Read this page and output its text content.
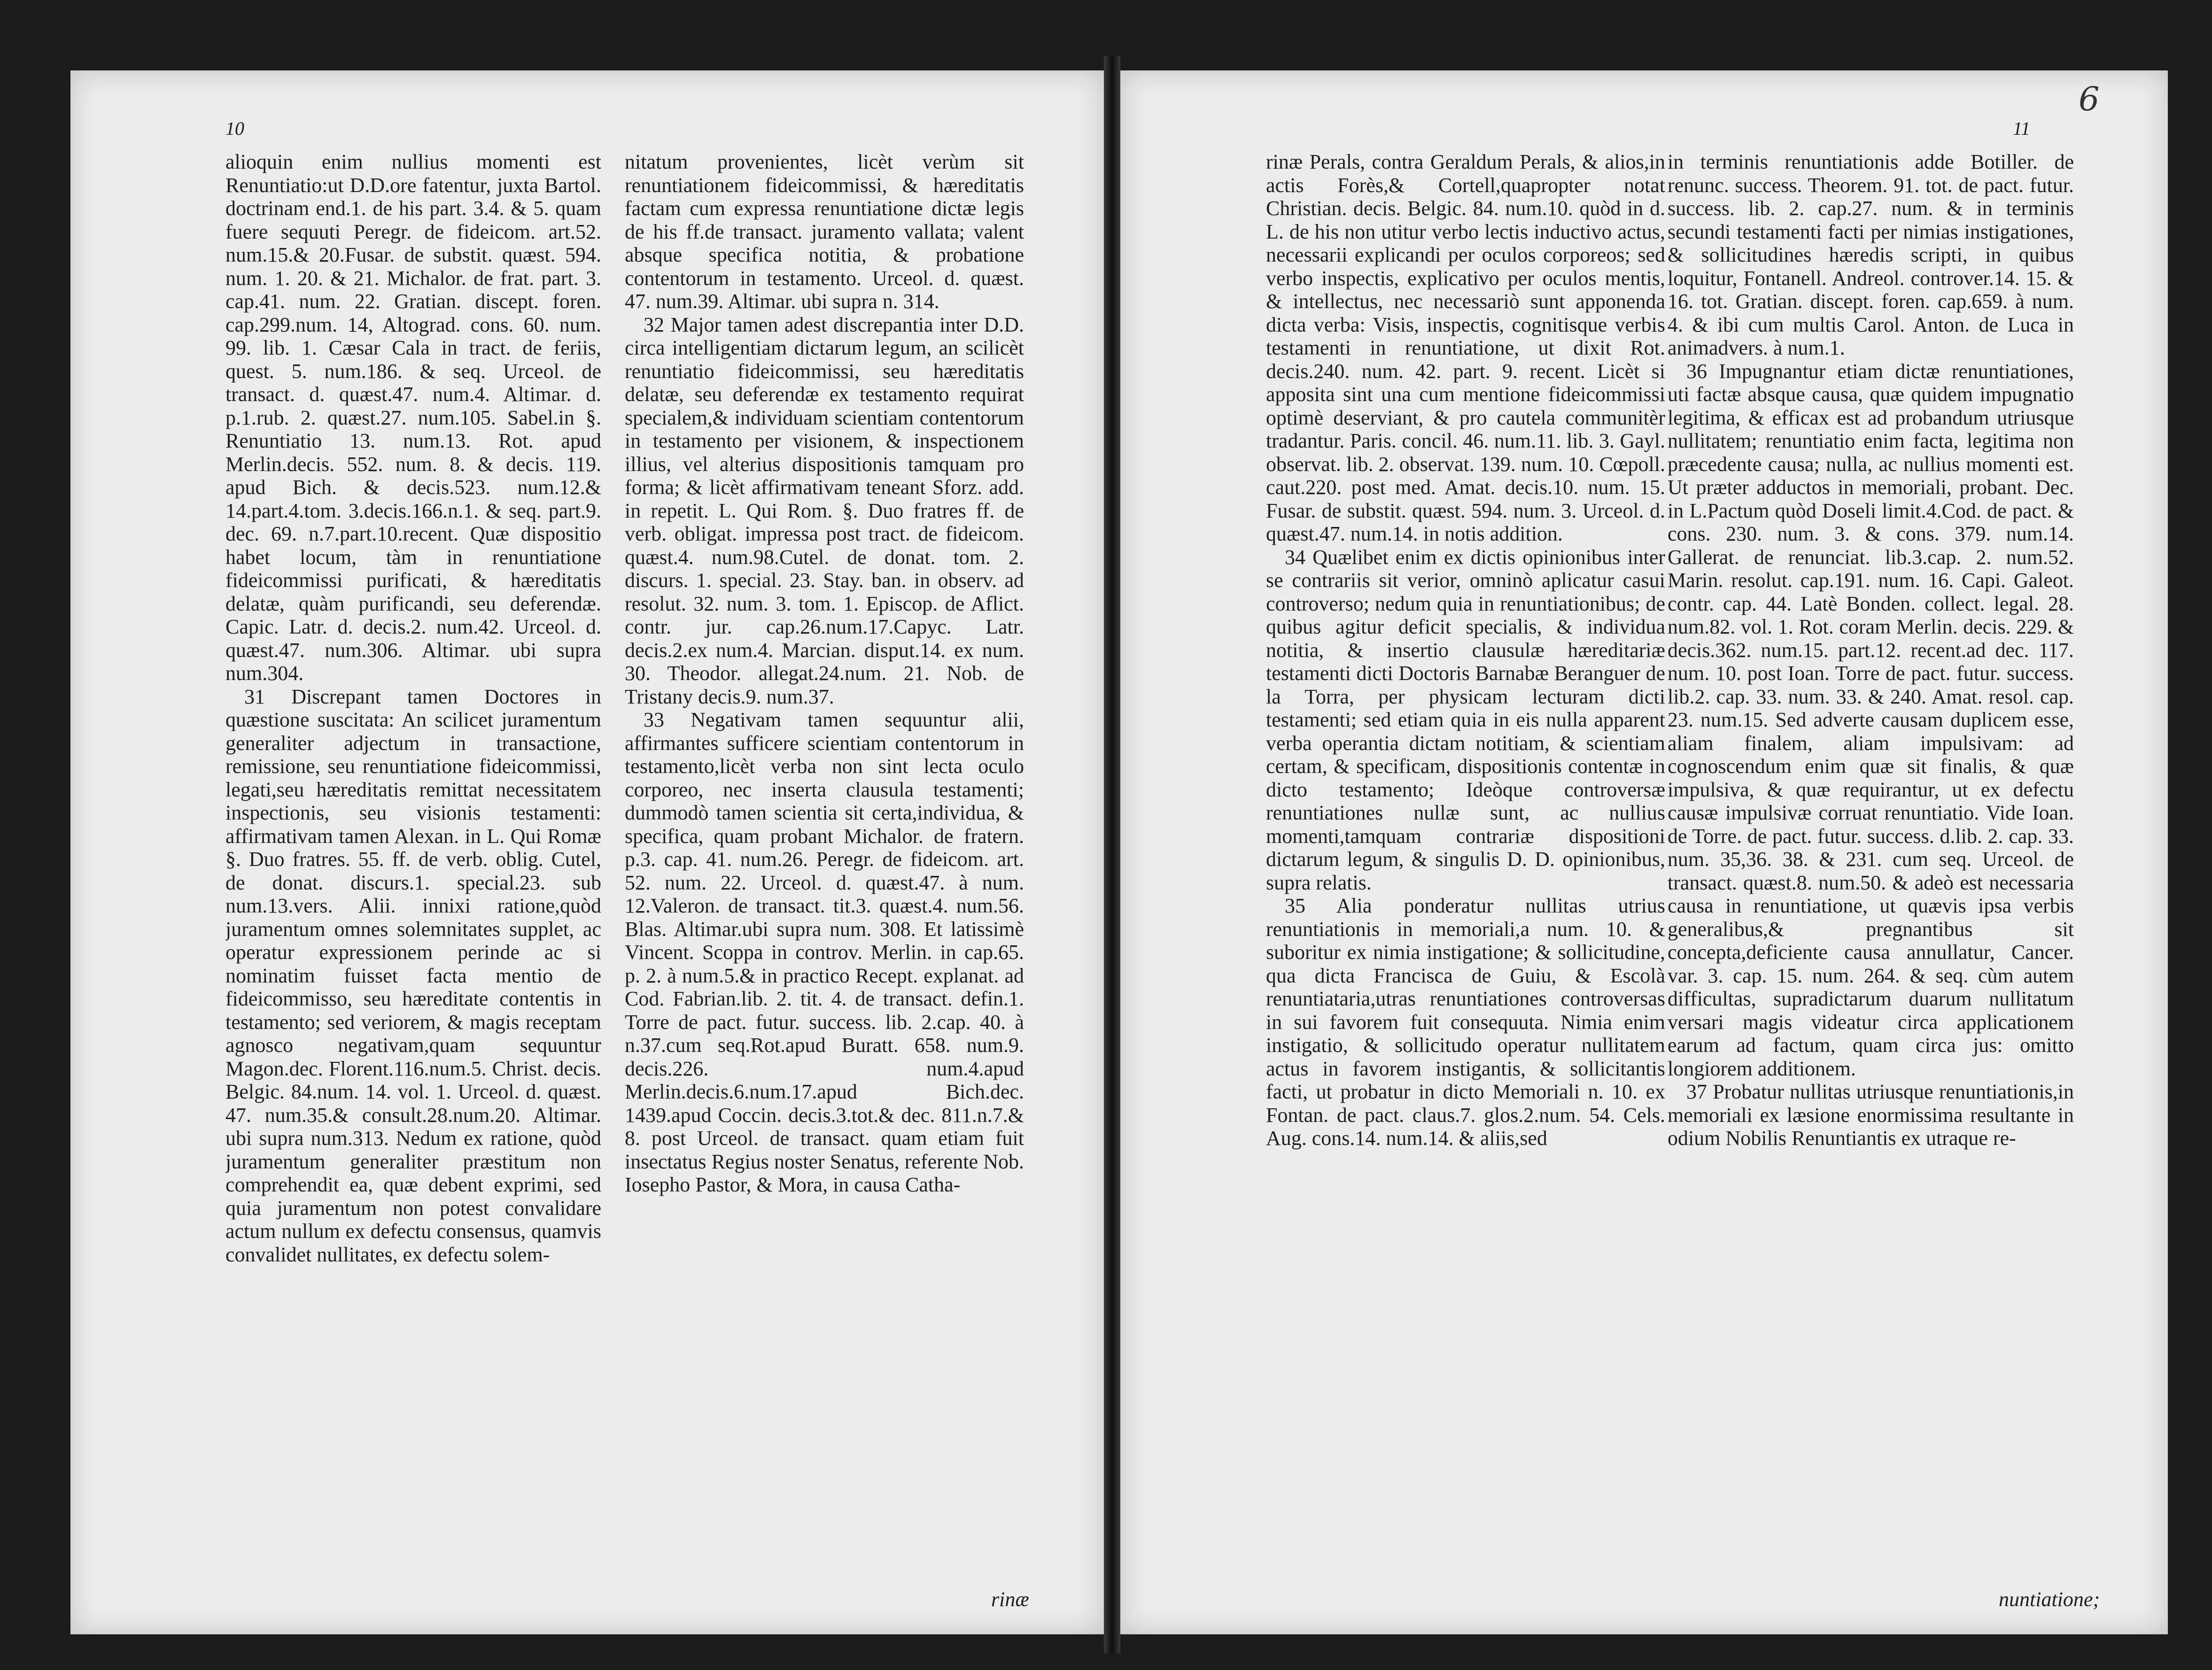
10

alioquin enim nullius momenti est Renuntiatio:ut D.D.ore fatentur, juxta Bartol. doctrinam end.1. de his part. 3.4. & 5. quam fuere sequuti Peregr. de fideicom. art.52. num.15.& 20.Fusar. de substit. quæst. 594. num. 1. 20. & 21. Michalor. de frat. part. 3. cap.41. num. 22. Gratian. discept. foren. cap.299.num. 14, Altograd. cons. 60. num. 99. lib. 1. Cæsar Cala in tract. de feriis, quest. 5. num.186. & seq. Urceol. de transact. d. quæst.47. num.4. Altimar. d. p.1.rub. 2. quæst.27. num.105. Sabel.in §. Renuntiatio 13. num.13. Rot. apud Merlin.decis. 552. num. 8. & decis. 119. apud Bich. & decis.523. num.12.& 14.part.4.tom. 3.decis.166.n.1. & seq. part.9. dec. 69. n.7.part.10.recent. Quæ dispositio habet locum, tàm in renuntiatione fideicommissi purificati, & hæreditatis delatæ, quàm purificandi, seu deferendæ. Capic. Latr. d. decis.2. num.42. Urceol. d. quæst.47. num.306. Altimar. ubi supra num.304.

31 Discrepant tamen Doctores in quæstione suscitata: An scilicet juramentum generaliter adjectum in transactione, remissione, seu renuntiatione fideicommissi, legati,seu hæreditatis remittat necessitatem inspectionis, seu visionis testamenti: affirmativam tamen Alexan. in L. Qui Romæ §. Duo fratres. 55. ff. de verb. oblig. Cutel, de donat. discurs.1. special.23. sub num.13.vers. Alii. innixi ratione,quòd juramentum omnes solemnitates supplet, ac operatur expressionem perinde ac si nominatim fuisset facta mentio de fideicommisso, seu hæreditate contentis in testamento; sed veriorem, & magis receptam agnosco negativam,quam sequuntur Magon.dec. Florent.116.num.5. Christ. decis. Belgic. 84.num. 14. vol. 1. Urceol. d. quæst. 47. num.35.& consult.28.num.20. Altimar. ubi supra num.313. Nedum ex ratione, quòd juramentum generaliter præstitum non comprehendit ea, quæ debent exprimi, sed quia juramentum non potest convalidare actum nullum ex defectu consensus, quamvis convalidet nullitates, ex defectu solem-

nitatum provenientes, licèt verùm sit renuntiationem fideicommissi, & hæreditatis factam cum expressa renuntiatione dictæ legis de his ff.de transact. juramento vallata; valent absque specifica notitia, & probatione contentorum in testamento. Urceol. d. quæst. 47. num.39. Altimar. ubi supra n. 314.

32 Major tamen adest discrepantia inter D.D. circa intelligentiam dictarum legum, an scilicèt renuntiatio fideicommissi, seu hæreditatis delatæ, seu deferendæ ex testamento requirat specialem,& individuam scientiam contentorum in testamento per visionem, & inspectionem illius, vel alterius dispositionis tamquam pro forma; & licèt affirmativam teneant Sforz. add. in repetit. L. Qui Rom. §. Duo fratres ff. de verb. obligat. impressa post tract. de fideicom. quæst.4. num.98.Cutel. de donat. tom. 2. discurs. 1. special. 23. Stay. ban. in observ. ad resolut. 32. num. 3. tom. 1. Episcop. de Aflict. contr. jur. cap.26.num.17.Capyc. Latr. decis.2.ex num.4. Marcian. disput.14. ex num. 30. Theodor. allegat.24.num. 21. Nob. de Tristany decis.9. num.37.

33 Negativam tamen sequuntur alii, affirmantes sufficere scientiam contentorum in testamento,licèt verba non sint lecta oculo corporeo, nec inserta clausula testamenti; dummodò tamen scientia sit certa,individua, & specifica, quam probant Michalor. de fratern. p.3. cap. 41. num.26. Peregr. de fideicom. art. 52. num. 22. Urceol. d. quæst.47. à num. 12.Valeron. de transact. tit.3. quæst.4. num.56. Blas. Altimar.ubi supra num. 308. Et latissimè Vincent. Scoppa in controv. Merlin. in cap.65. p. 2. à num.5.& in practico Recept. explanat. ad Cod. Fabrian.lib. 2. tit. 4. de transact. defin.1. Torre de pact. futur. success. lib. 2.cap. 40. à n.37.cum seq.Rot.apud Buratt. 658. num.9. decis.226. num.4.apud Merlin.decis.6.num.17.apud Bich.dec. 1439.apud Coccin. decis.3.tot.& dec. 811.n.7.& 8. post Urceol. de transact. quam etiam fuit insectatus Regius noster Senatus, referente Nob. Iosepho Pastor, & Mora, in causa Catha-

rinæ
6
11

rinæ Perals, contra Geraldum Perals, & alios,in actis Forès,& Cortell,quapropter notat Christian. decis. Belgic. 84. num.10. quòd in d. L. de his non utitur verbo lectis inductivo actus, necessarii explicandi per oculos corporeos; sed verbo inspectis, explicativo per oculos mentis, & intellectus, nec necessariò sunt apponenda dicta verba: Visis, inspectis, cognitisque verbis testamenti in renuntiatione, ut dixit Rot. decis.240. num. 42. part. 9. recent. Licèt si apposita sint una cum mentione fideicommissi optimè deserviant, & pro cautela communitèr tradantur. Paris. concil. 46. num.11. lib. 3. Gayl. observat. lib. 2. observat. 139. num. 10. Cœpoll. caut.220. post med. Amat. decis.10. num. 15. Fusar. de substit. quæst. 594. num. 3. Urceol. d. quæst.47. num.14. in notis addition.

34 Quælibet enim ex dictis opinionibus inter se contrariis sit verior, omninò aplicatur casui controverso; nedum quia in renuntiationibus; de quibus agitur deficit specialis, & individua notitia, & insertio clausulæ hæreditariæ testamenti dicti Doctoris Barnabæ Beranguer de la Torra, per physicam lecturam dicti testamenti; sed etiam quia in eis nulla apparent verba operantia dictam notitiam, & scientiam certam, & specificam, dispositionis contentæ in dicto testamento; Ideòque controversæ renuntiationes nullæ sunt, ac nullius momenti,tamquam contrariæ dispositioni dictarum legum, & singulis D. D. opinionibus, supra relatis.

35 Alia ponderatur nullitas utrius renuntiationis in memoriali,a num. 10. & suboritur ex nimia instigatione; & sollicitudine, qua dicta Francisca de Guiu, & Escolà renuntiataria,utras renuntiationes controversas in sui favorem fuit consequuta. Nimia enim instigatio, & sollicitudo operatur nullitatem actus in favorem instigantis, & sollicitantis facti, ut probatur in dicto Memoriali n. 10. ex Fontan. de pact. claus.7. glos.2.num. 54. Cels. Aug. cons.14. num.14. & aliis,sed

in terminis renuntiationis adde Botiller. de renunc. success. Theorem. 91. tot. de pact. futur. success. lib. 2. cap.27. num. & in terminis secundi testamenti facti per nimias instigationes, & sollicitudines hæredis scripti, in quibus loquitur, Fontanell. Andreol. controver.14. 15. & 16. tot. Gratian. discept. foren. cap.659. à num. 4. & ibi cum multis Carol. Anton. de Luca in animadvers. à num.1.

36 Impugnantur etiam dictæ renuntiationes, uti factæ absque causa, quæ quidem impugnatio legitima, & efficax est ad probandum utriusque nullitatem; renuntiatio enim facta, legitima non præcedente causa; nulla, ac nullius momenti est. Ut præter adductos in memoriali, probant. Dec. in L.Pactum quòd Doseli limit.4.Cod. de pact. & cons. 230. num. 3. & cons. 379. num.14. Gallerat. de renunciat. lib.3.cap. 2. num.52. Marin. resolut. cap.191. num. 16. Capi. Galeot. contr. cap. 44. Latè Bonden. collect. legal. 28. num.82. vol. 1. Rot. coram Merlin. decis. 229. & decis.362. num.15. part.12. recent.ad dec. 117. num. 10. post Ioan. Torre de pact. futur. success. lib.2. cap. 33. num. 33. & 240. Amat. resol. cap. 23. num.15. Sed adverte causam duplicem esse, aliam finalem, aliam impulsivam: ad cognoscendum enim quæ sit finalis, & quæ impulsiva, & quæ requirantur, ut ex defectu causæ impulsivæ corruat renuntiatio. Vide Ioan. de Torre. de pact. futur. success. d.lib. 2. cap. 33. num. 35,36. 38. & 231. cum seq. Urceol. de transact. quæst.8. num.50. & adeò est necessaria causa in renuntiatione, ut quævis ipsa verbis generalibus,& pregnantibus sit concepta,deficiente causa annullatur, Cancer. var. 3. cap. 15. num. 264. & seq. cùm autem difficultas, supradictarum duarum nullitatum versari magis videatur circa applicationem earum ad factum, quam circa jus: omitto longiorem additionem.

37 Probatur nullitas utriusque renuntiationis,in memoriali ex læsione enormissima resultante in odium Nobilis Renuntiantis ex utraque re-

nuntiatione;
